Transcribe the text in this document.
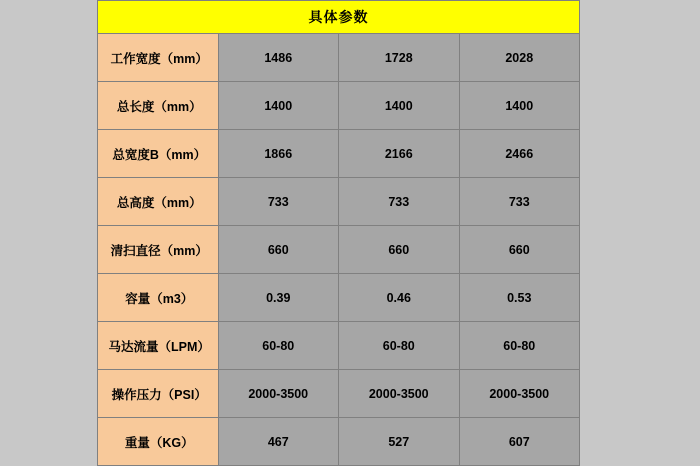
具体参数			
工作宽度（mm）	1486	1728	2028
总长度（mm）	1400	1400	1400
总宽度B（mm）	1866	2166	2466
总高度（mm）	733	733	733
清扫直径（mm）	660	660	660
容量（m3）	0.39	0.46	0.53
马达流量（LPM）	60-80	60-80	60-80
操作压力（PSI）	2000-3500	2000-3500	2000-3500
重量（KG）	467	527	607
